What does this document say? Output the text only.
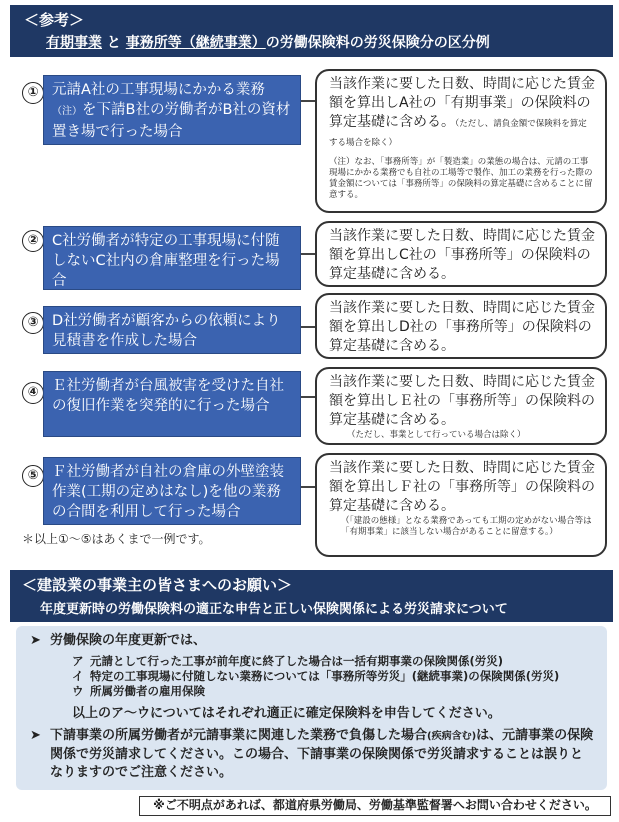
＜参考＞
有期事業 と 事務所等（継続事業）の労働保険料の労災保険分の区分例
① 元請A社の工事現場にかかる業務（注）を下請B社の労働者がB社の資材置き場で行った場合
当該作業に要した日数、時間に応じた賃金額を算出しA社の「有期事業」の保険料の算定基礎に含める。（ただし、請負金額で保険料を算定する場合を除く）
（注）なお、「事務所等」が「製造業」の業態の場合は、元請の工事現場にかかる業務でも自社の工場等で製作、加工の業務を行った際の賃金額については「事務所等」の保険料の算定基礎に含めることに留意する。
② C社労働者が特定の工事現場に付随しないC社内の倉庫整理を行った場合
当該作業に要した日数、時間に応じた賃金額を算出しC社の「事務所等」の保険料の算定基礎に含める。
③ D社労働者が顧客からの依頼により見積書を作成した場合
当該作業に要した日数、時間に応じた賃金額を算出しD社の「事務所等」の保険料の算定基礎に含める。
④ Ｅ社労働者が台風被害を受けた自社の復旧作業を突発的に行った場合
当該作業に要した日数、時間に応じた賃金額を算出しＥ社の「事務所等」の保険料の算定基礎に含める。
（ただし、事業として行っている場合は除く）
⑤ Ｆ社労働者が自社の倉庫の外壁塗装作業(工期の定めはなし)を他の業務の合間を利用して行った場合
当該作業に要した日数、時間に応じた賃金額を算出しＦ社の「事務所等」の保険料の算定基礎に含める。
（「建設の態様」となる業務であっても工期の定めがない場合等は「有期事業」に該当しない場合があることに留意する。）
＊以上①～⑤はあくまで一例です。
＜建設業の事業主の皆さまへのお願い＞
年度更新時の労働保険料の適正な申告と正しい保険関係による労災請求について
➤ 労働保険の年度更新では、
ア 元請として行った工事が前年度に終了した場合は一括有期事業の保険関係(労災)
イ 特定の工事現場に付随しない業務については「事務所等労災」(継続事業)の保険関係(労災)
ウ 所属労働者の雇用保険
以上のア～ウについてはそれぞれ適正に確定保険料を申告してください。
➤ 下請事業の所属労働者が元請事業に関連した業務で負傷した場合(疾病含む)は、元請事業の保険関係で労災請求してください。この場合、下請事業の保険関係で労災請求することは誤りとなりますのでご注意ください。
※ご不明点があれば、都道府県労働局、労働基準監督署へお問い合わせください。
